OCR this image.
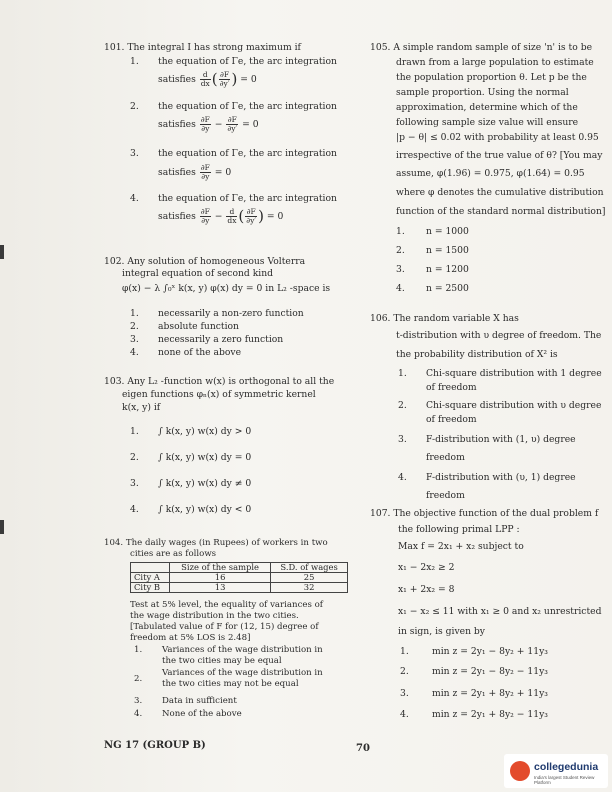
101. The integral I has strong maximum if
1. the equation of Γe, the arc integration
satisfies $\frac{d}{dx}$ ( $\frac{\partial F}{\partial y'}$ ) = 0
2. the equation of Γe, the arc integration
satisfies $\frac{\partial F}{\partial y} - \frac{\partial F}{\partial y'} = 0$
3. the equation of Γe, the arc integration
satisfies $\frac{\partial F}{\partial y} = 0$
4. the equation of Γe, the arc integration
satisfies $\frac{\partial F}{\partial y} - \frac{d}{dx}$ ( $\frac{\partial F}{\partial y'}$ ) = 0
102. Any solution of homogeneous Volterra
integral equation of second kind
φ(x) − λ ∫₀ˣ k(x, y) φ(x) dy = 0 in L₂ -space is
1. necessarily a non-zero function
2. absolute function
3. necessarily a zero function
4. none of the above
103. Any L₂ -function w(x) is orthogonal to all the
eigen functions φₙ(x) of symmetric kernel
k(x, y) if
1. ∫ k(x, y) w(x) dy > 0
2. ∫ k(x, y) w(x) dy = 0
3. ∫ k(x, y) w(x) dy ≠ 0
4. ∫ k(x, y) w(x) dy < 0
104. The daily wages (in Rupees) of workers in two
cities are as follows
	Size of the sample	S.D. of wages
City A	16	25
City B	13	32
Test at 5% level, the equality of variances of
the wage distribution in the two cities.
[Tabulated value of F for (12, 15) degree of
freedom at 5% LOS is 2.48]
1. Variances of the wage distribution in
the two cities may be equal
2.
Variances of the wage distribution in
the two cities may not be equal
3. Data in sufficient
4. None of the above
105. A simple random sample of size 'n' is to be
drawn from a large population to estimate
the population proportion θ. Let p be the
sample proportion. Using the normal
approximation, determine which of the
following sample size value will ensure
|p − θ| ≤ 0.02 with probability at least 0.95
irrespective of the true value of θ? [You may
assume, φ(1.96) = 0.975, φ(1.64) = 0.95
where φ denotes the cumulative distribution
function of the standard normal distribution]
1. n = 1000
2. n = 1500
3. n = 1200
4. n = 2500
106. The random variable X has
t-distribution with υ degree of freedom. The
the probability distribution of X² is
1. Chi-square distribution with 1 degree
of freedom
2. Chi-square distribution with υ degree
of freedom
3. F-distribution with (1, υ) degree
freedom
4. F-distribution with (υ, 1) degree
freedom
107. The objective function of the dual problem f
the following primal LPP :
Max f = 2x₁ + x₂ subject to
x₁ − 2x₂ ≥ 2
x₁ + 2x₂ = 8
x₁ − x₂ ≤ 11 with x₁ ≥ 0 and x₂ unrestricted
in sign, is given by
1.	min z = 2y₁ − 8y₂ + 11y₃
2.	min z = 2y₁ − 8y₂ − 11y₃
3.	min z = 2y₁ + 8y₂ + 11y₃
4.	min z = 2y₁ + 8y₂ − 11y₃
NG 17 (GROUP B)	70
collegedunia
India's largest Student Review Platform
